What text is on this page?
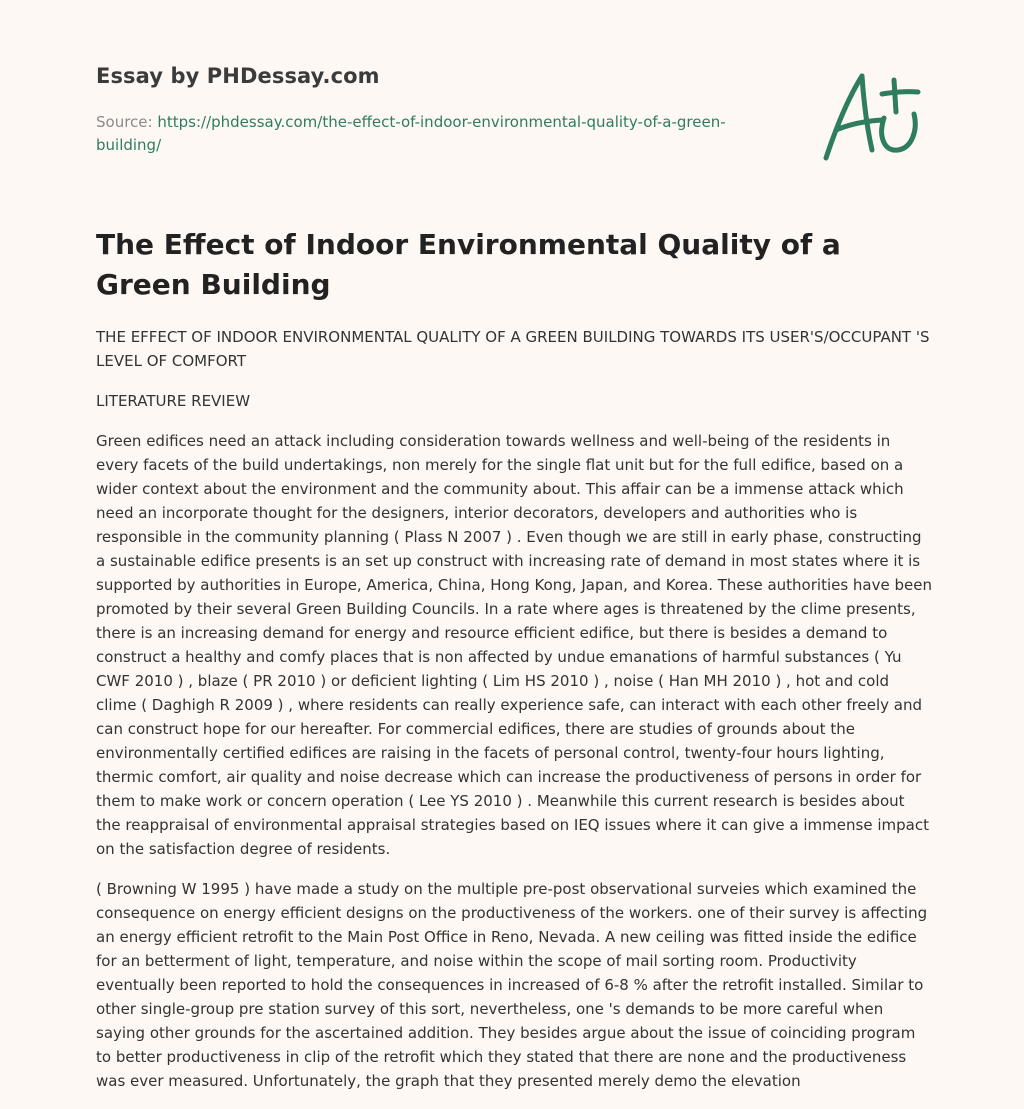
Essay by PHDessay.com
Source: https://phdessay.com/the-effect-of-indoor-environmental-quality-of-a-green-building/
The Effect of Indoor Environmental Quality of a Green Building

THE EFFECT OF INDOOR ENVIRONMENTAL QUALITY OF A GREEN BUILDING TOWARDS ITS USER'S/OCCUPANT 'S LEVEL OF COMFORT

LITERATURE REVIEW

Green edifices need an attack including consideration towards wellness and well-being of the residents in every facets of the build undertakings, non merely for the single flat unit but for the full edifice, based on a wider context about the environment and the community about. This affair can be a immense attack which need an incorporate thought for the designers, interior decorators, developers and authorities who is responsible in the community planning ( Plass N 2007 ) . Even though we are still in early phase, constructing a sustainable edifice presents is an set up construct with increasing rate of demand in most states where it is supported by authorities in Europe, America, China, Hong Kong, Japan, and Korea. These authorities have been promoted by their several Green Building Councils. In a rate where ages is threatened by the clime presents, there is an increasing demand for energy and resource efficient edifice, but there is besides a demand to construct a healthy and comfy places that is non affected by undue emanations of harmful substances ( Yu CWF 2010 ) , blaze ( PR 2010 ) or deficient lighting ( Lim HS 2010 ) , noise ( Han MH 2010 ) , hot and cold clime ( Daghigh R 2009 ) , where residents can really experience safe, can interact with each other freely and can construct hope for our hereafter. For commercial edifices, there are studies of grounds about the environmentally certified edifices are raising in the facets of personal control, twenty-four hours lighting, thermic comfort, air quality and noise decrease which can increase the productiveness of persons in order for them to make work or concern operation ( Lee YS 2010 ) . Meanwhile this current research is besides about the reappraisal of environmental appraisal strategies based on IEQ issues where it can give a immense impact on the satisfaction degree of residents.

( Browning W 1995 ) have made a study on the multiple pre-post observational surveies which examined the consequence on energy efficient designs on the productiveness of the workers. one of their survey is affecting an energy efficient retrofit to the Main Post Office in Reno, Nevada. A new ceiling was fitted inside the edifice for an betterment of light, temperature, and noise within the scope of mail sorting room. Productivity eventually been reported to hold the consequences in increased of 6-8 % after the retrofit installed. Similar to other single-group pre station survey of this sort, nevertheless, one 's demands to be more careful when saying other grounds for the ascertained addition. They besides argue about the issue of coinciding program to better productiveness in clip of the retrofit which they stated that there are none and the productiveness was ever measured. Unfortunately, the graph that they presented merely demo the elevation
